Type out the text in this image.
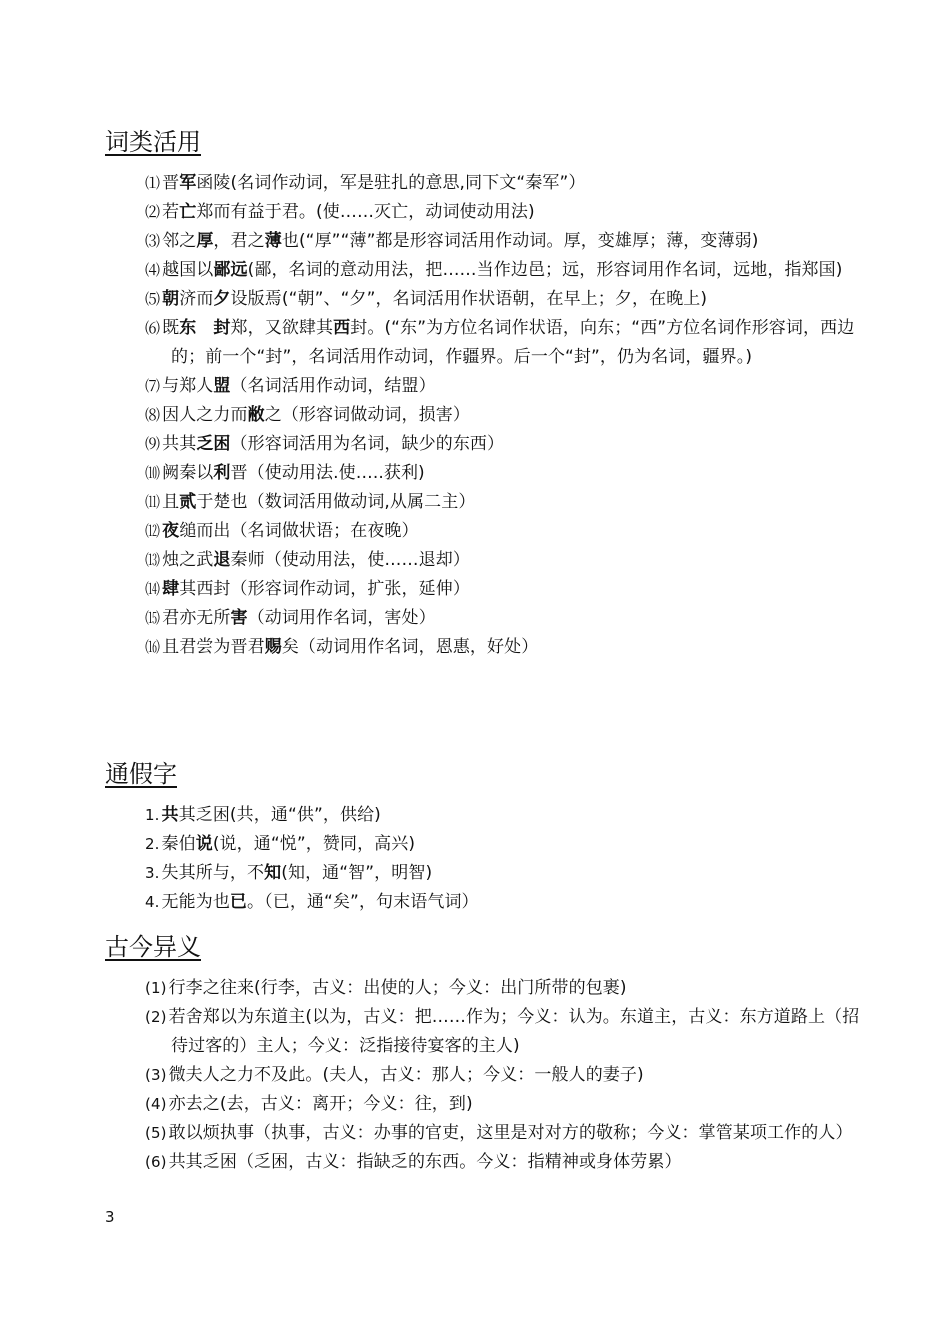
词类活用

⑴ 晋军函陵(名词作动词，军是驻扎的意思,同下文“秦军”）

⑵ 若亡郑而有益于君。(使……灭亡，动词使动用法)

⑶ 邻之厚，君之薄也(“厚”“薄”都是形容词活用作动词。厚，变雄厚；薄，变薄弱)

⑷ 越国以鄙远(鄙，名词的意动用法，把……当作边邑；远，形容词用作名词，远地，指郑国)

⑸ 朝济而夕设版焉(“朝”、“夕”，名词活用作状语朝，在早上；夕，在晚上)

⑹ 既东　封郑，又欲肆其西封。(“东”为方位名词作状语，向东；“西”方位名词作形容词，西边的；前一个“封”，名词活用作动词，作疆界。后一个“封”，仍为名词，疆界。)

⑺ 与郑人盟（名词活用作动词，结盟）

⑻ 因人之力而敝之（形容词做动词，损害）

⑼ 共其乏困（形容词活用为名词，缺少的东西）

⑽ 阙秦以利晋（使动用法.使…..获利)

⑾ 且贰于楚也（数词活用做动词,从属二主）

⑿ 夜缒而出（名词做状语；在夜晚）

⒀ 烛之武退秦师（使动用法，使……退却）

⒁ 肆其西封（形容词作动词，扩张，延伸）

⒂ 君亦无所害（动词用作名词，害处）

⒃ 且君尝为晋君赐矣（动词用作名词，恩惠，好处）

通假字

1. 共其乏困(共，通“供”，供给)

2. 秦伯说(说，通“悦”，赞同，高兴)

3. 失其所与，不知(知，通“智”，明智)

4. 无能为也已。（已，通“矣”，句末语气词）

古今异义

(1) 行李之往来(行李，古义：出使的人；今义：出门所带的包裹)

(2) 若舍郑以为东道主(以为，古义：把……作为；今义：认为。东道主，古义：东方道路上（招待过客的）主人；今义：泛指接待宴客的主人)

(3) 微夫人之力不及此。(夫人，古义：那人；今义：一般人的妻子)

(4) 亦去之(去，古义：离开；今义：往，到)

(5) 敢以烦执事（执事，古义：办事的官吏，这里是对对方的敬称；今义：掌管某项工作的人）

(6) 共其乏困（乏困，古义：指缺乏的东西。今义：指精神或身体劳累）

3
